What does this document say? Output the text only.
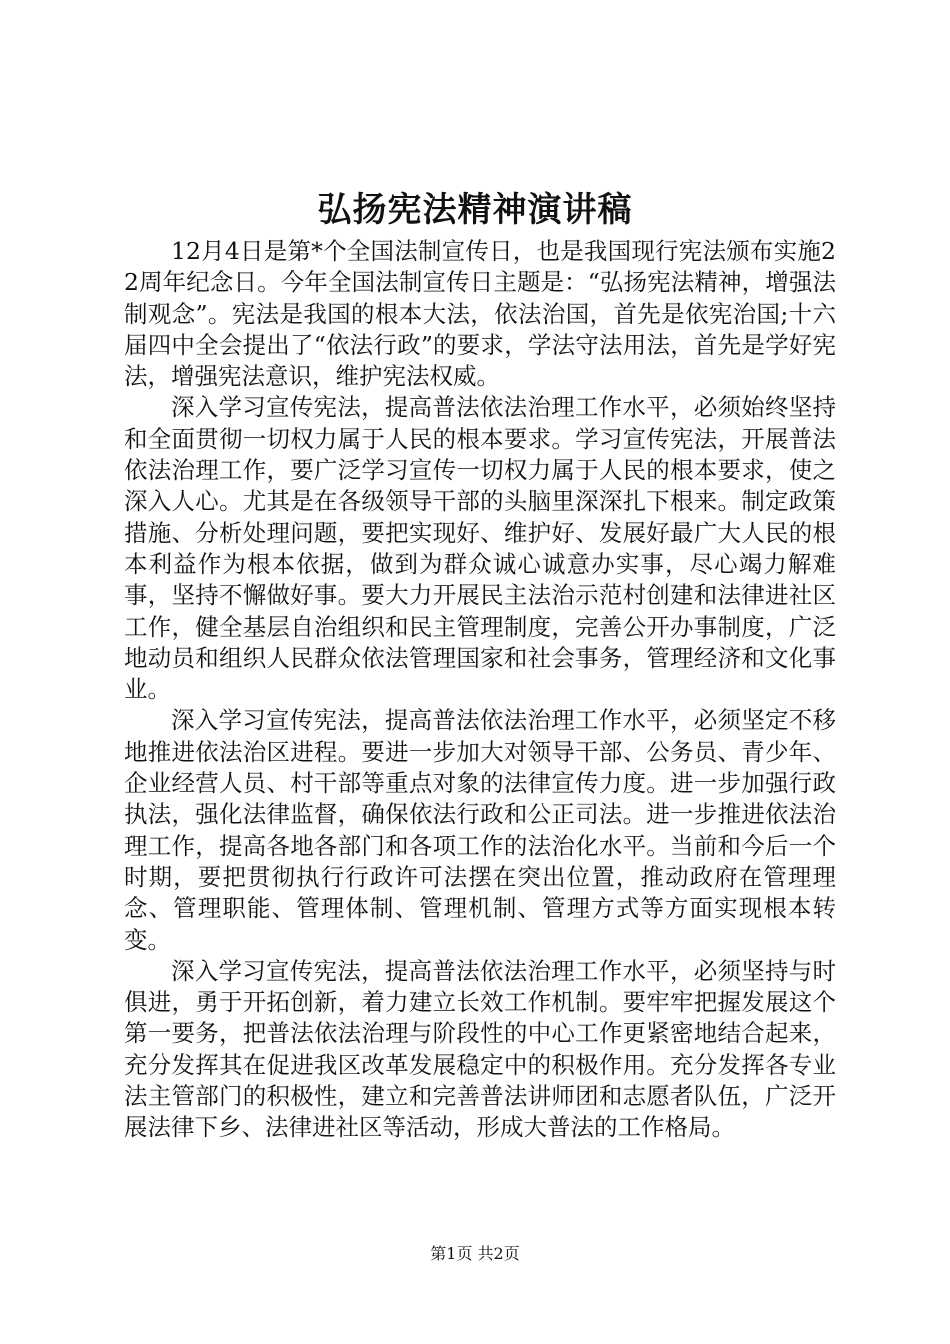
弘扬宪法精神演讲稿

12月4日是第*个全国法制宣传日，也是我国现行宪法颁布实施22周年纪念日。今年全国法制宣传日主题是：“弘扬宪法精神，增强法制观念”。宪法是我国的根本大法，依法治国，首先是依宪治国;十六届四中全会提出了“依法行政”的要求，学法守法用法，首先是学好宪法，增强宪法意识，维护宪法权威。

深入学习宣传宪法，提高普法依法治理工作水平，必须始终坚持和全面贯彻一切权力属于人民的根本要求。学习宣传宪法，开展普法依法治理工作，要广泛学习宣传一切权力属于人民的根本要求，使之深入人心。尤其是在各级领导干部的头脑里深深扎下根来。制定政策措施、分析处理问题，要把实现好、维护好、发展好最广大人民的根本利益作为根本依据，做到为群众诚心诚意办实事，尽心竭力解难事，坚持不懈做好事。要大力开展民主法治示范村创建和法律进社区工作，健全基层自治组织和民主管理制度，完善公开办事制度，广泛地动员和组织人民群众依法管理国家和社会事务，管理经济和文化事业。

深入学习宣传宪法，提高普法依法治理工作水平，必须坚定不移地推进依法治区进程。要进一步加大对领导干部、公务员、青少年、企业经营人员、村干部等重点对象的法律宣传力度。进一步加强行政执法，强化法律监督，确保依法行政和公正司法。进一步推进依法治理工作，提高各地各部门和各项工作的法治化水平。当前和今后一个时期，要把贯彻执行行政许可法摆在突出位置，推动政府在管理理念、管理职能、管理体制、管理机制、管理方式等方面实现根本转变。

深入学习宣传宪法，提高普法依法治理工作水平，必须坚持与时俱进，勇于开拓创新，着力建立长效工作机制。要牢牢把握发展这个第一要务，把普法依法治理与阶段性的中心工作更紧密地结合起来，充分发挥其在促进我区改革发展稳定中的积极作用。充分发挥各专业法主管部门的积极性，建立和完善普法讲师团和志愿者队伍，广泛开展法律下乡、法律进社区等活动，形成大普法的工作格局。

第1页 共2页
